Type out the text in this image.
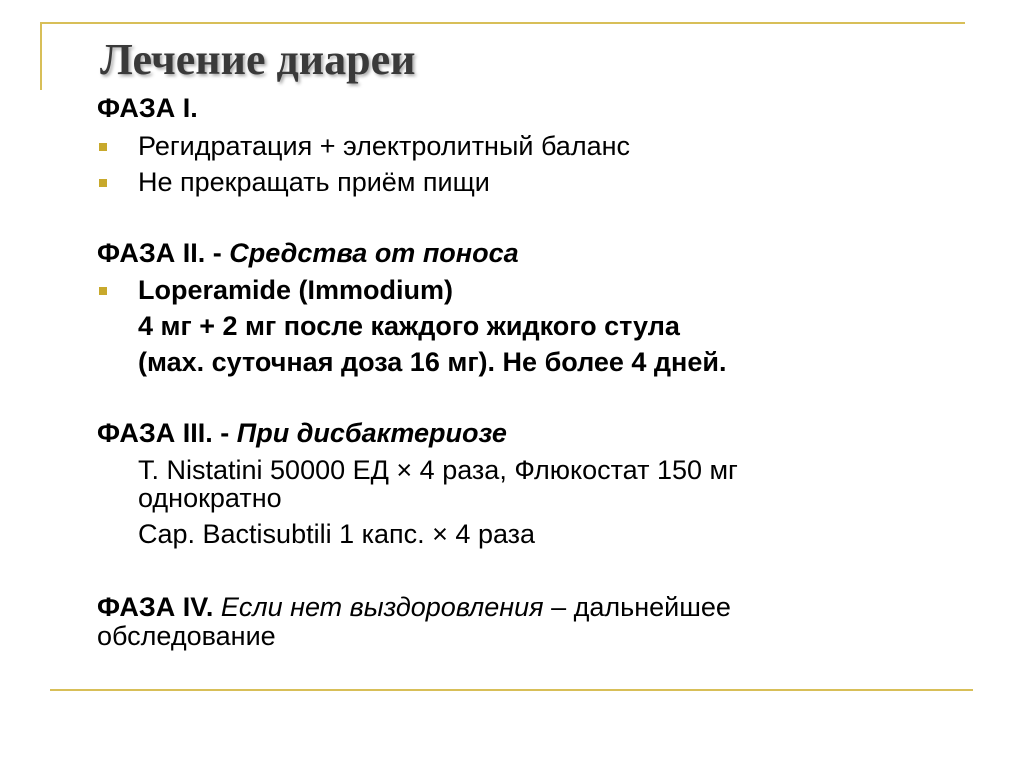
Лечение диареи
ФАЗА I.
Регидратация + электролитный баланс
Не прекращать приём пищи
ФАЗА II. - Средства от поноса
Loperamide (Immodium)
4 мг + 2 мг после каждого жидкого стула
(мах. суточная доза 16 мг). Не более 4 дней.
ФАЗА III. - При дисбактериозе
T. Nistatini 50000 ЕД × 4 раза, Флюкостат 150 мг
однократно
Cap. Bactisubtili 1 капс. × 4 раза
ФАЗА IV. Если нет выздоровления – дальнейшее
обследование
